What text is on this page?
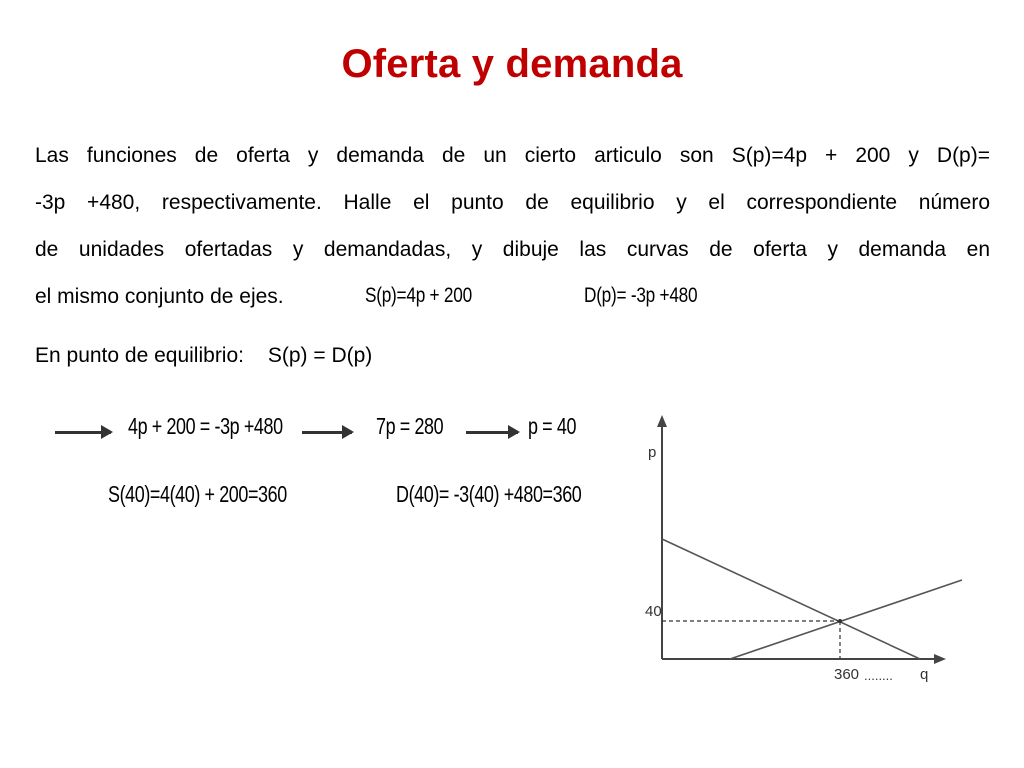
Oferta y demanda
Las funciones de oferta y demanda de un cierto articulo son S(p)=4p + 200 y D(p)=
-3p +480, respectivamente. Halle el punto de equilibrio y el correspondiente número
de unidades ofertadas y demandadas, y dibuje las curvas de oferta y demanda en
el mismo conjunto de ejes.	S(p)=4p + 200	D(p)= -3p +480
En punto de equilibrio: S(p) = D(p)
4p + 200 = -3p +480	7p = 280	p = 40
S(40)=4(40) + 200=360	D(40)= -3(40) +480=360
p
40
360 ........ q
